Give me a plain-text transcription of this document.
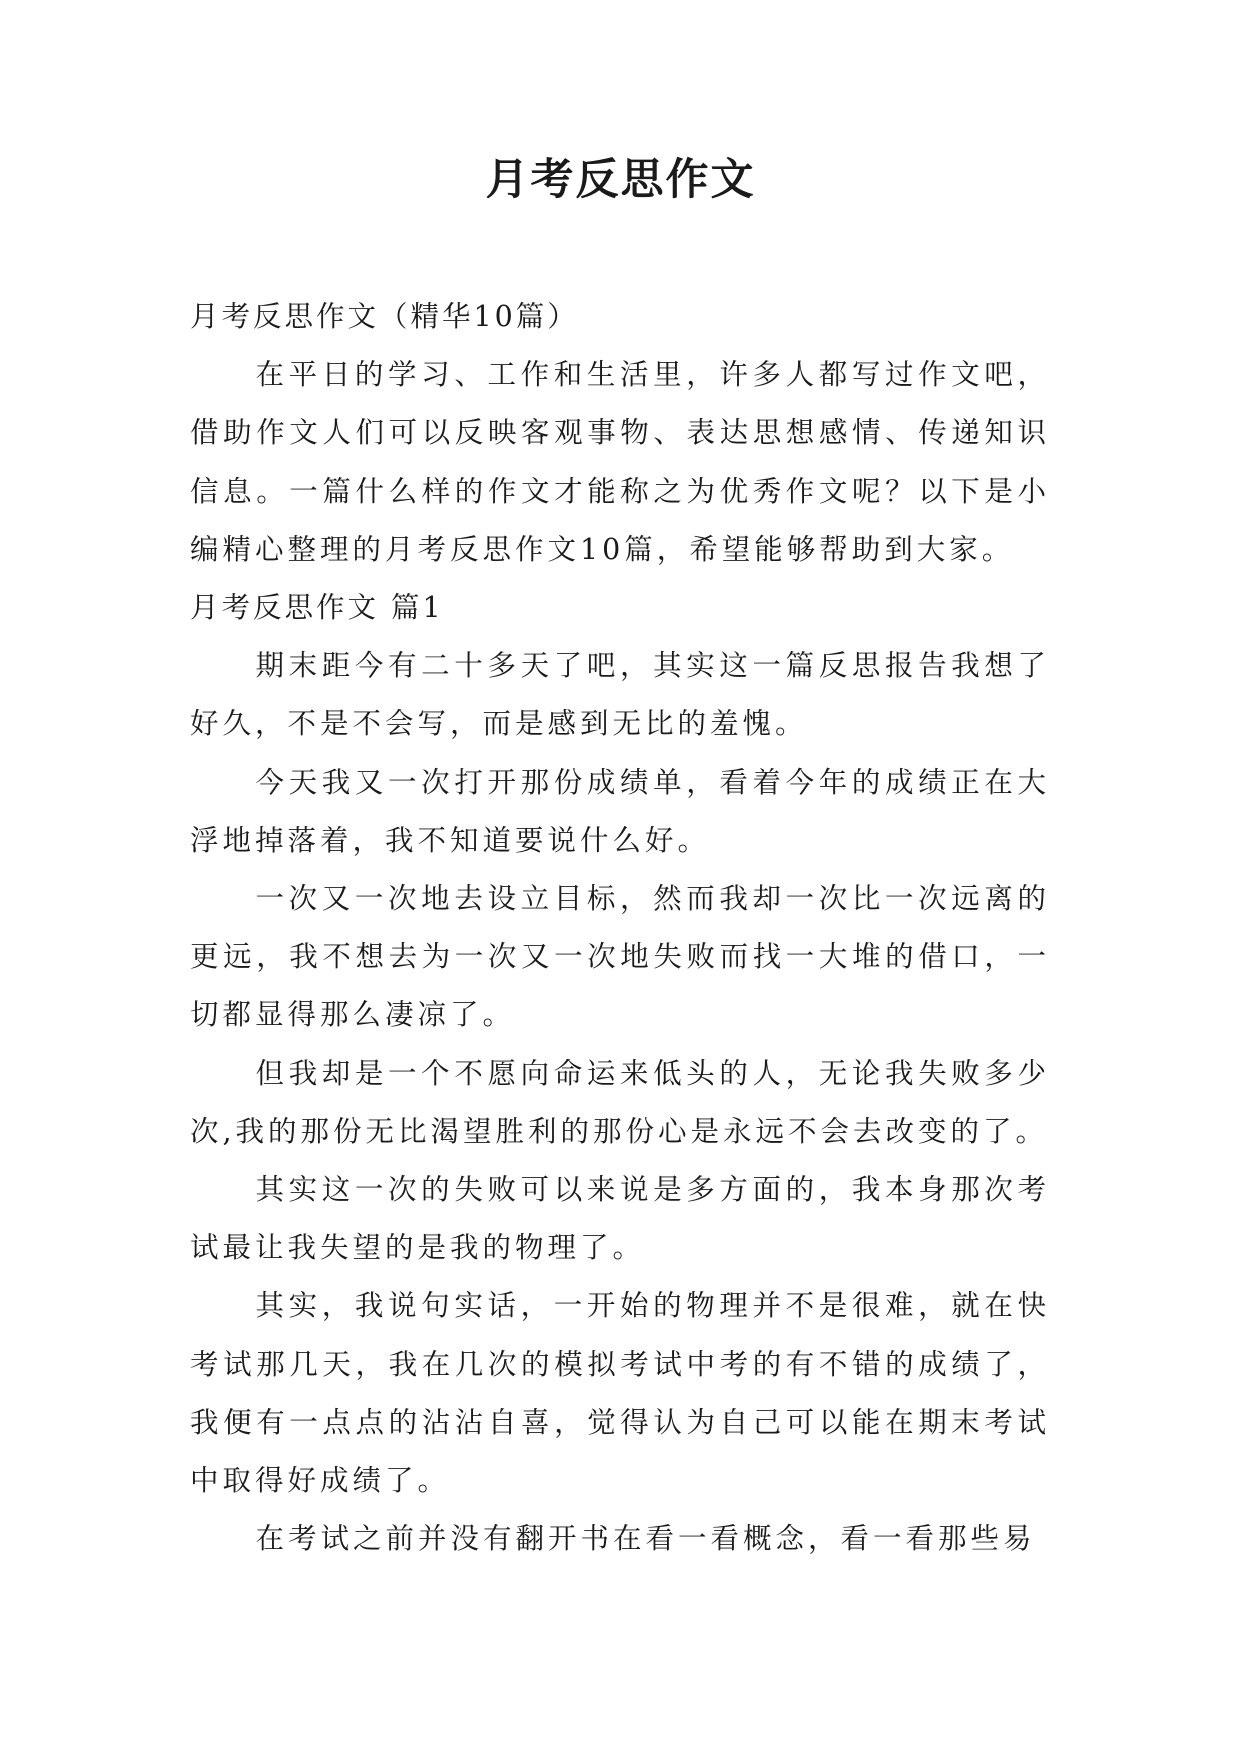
月考反思作文

月考反思作文（精华10篇）

在平日的学习、工作和生活里，许多人都写过作文吧，借助作文人们可以反映客观事物、表达思想感情、传递知识信息。一篇什么样的作文才能称之为优秀作文呢？以下是小编精心整理的月考反思作文10篇，希望能够帮助到大家。

月考反思作文 篇1

期末距今有二十多天了吧，其实这一篇反思报告我想了好久，不是不会写，而是感到无比的羞愧。

今天我又一次打开那份成绩单，看着今年的成绩正在大浮地掉落着，我不知道要说什么好。

一次又一次地去设立目标，然而我却一次比一次远离的更远，我不想去为一次又一次地失败而找一大堆的借口，一切都显得那么凄凉了。

但我却是一个不愿向命运来低头的人，无论我失败多少次,我的那份无比渴望胜利的那份心是永远不会去改变的了。

其实这一次的失败可以来说是多方面的，我本身那次考试最让我失望的是我的物理了。

其实，我说句实话，一开始的物理并不是很难，就在快考试那几天，我在几次的模拟考试中考的有不错的成绩了，我便有一点点的沾沾自喜，觉得认为自己可以能在期末考试中取得好成绩了。

在考试之前并没有翻开书在看一看概念，看一看那些易
